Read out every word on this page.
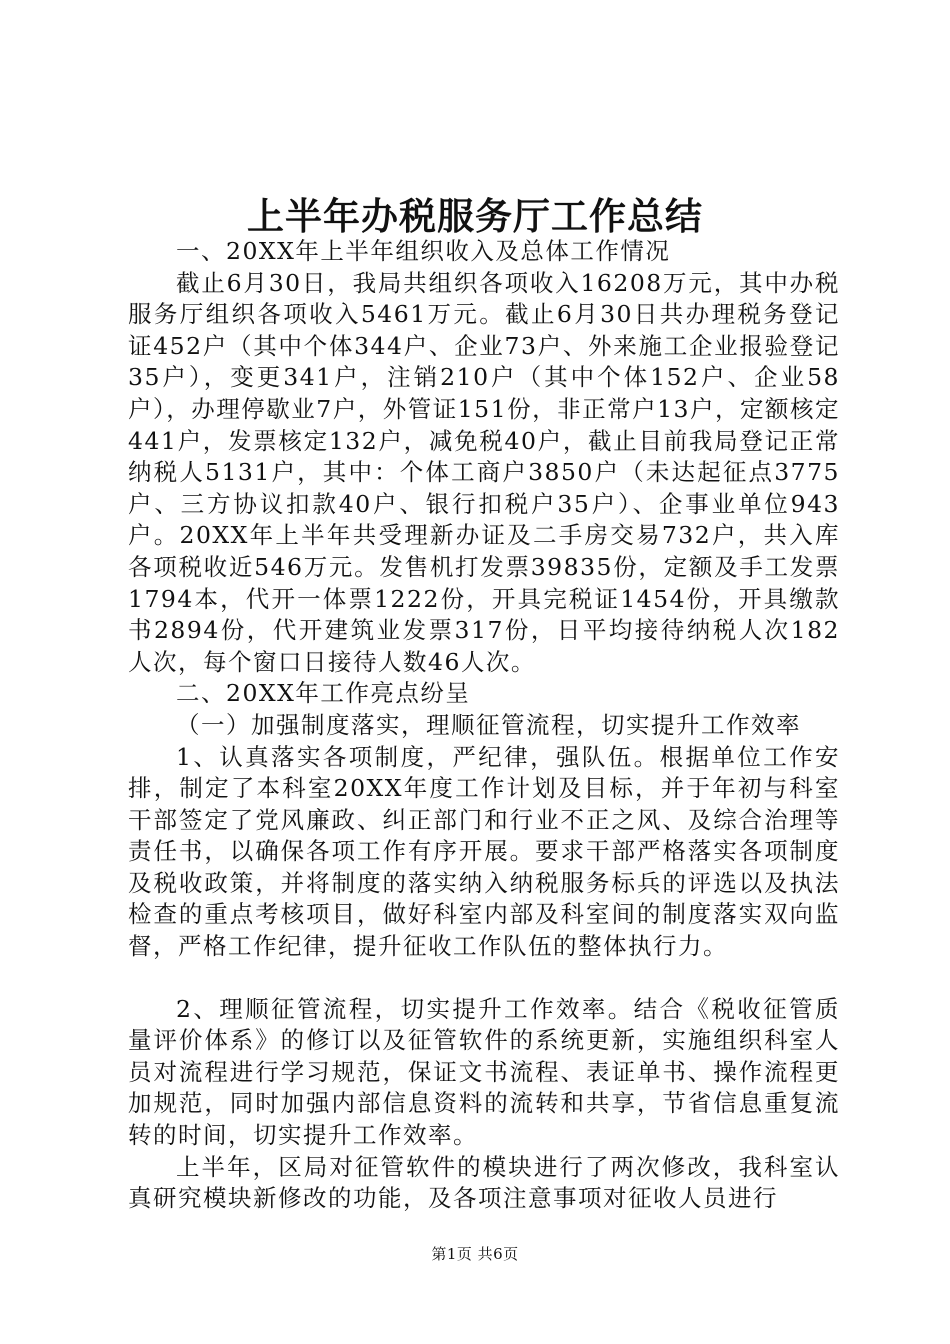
上半年办税服务厅工作总结

一、20XX年上半年组织收入及总体工作情况

截止6月30日，我局共组织各项收入16208万元，其中办税服务厅组织各项收入5461万元。截止6月30日共办理税务登记证452户（其中个体344户、企业73户、外来施工企业报验登记35户），变更341户，注销210户（其中个体152户、企业58户），办理停歇业7户，外管证151份，非正常户13户，定额核定441户，发票核定132户，减免税40户，截止目前我局登记正常纳税人5131户，其中：个体工商户3850户（未达起征点3775户、三方协议扣款40户、银行扣税户35户）、企事业单位943户。20XX年上半年共受理新办证及二手房交易732户，共入库各项税收近546万元。发售机打发票39835份，定额及手工发票1794本，代开一体票1222份，开具完税证1454份，开具缴款书2894份，代开建筑业发票317份，日平均接待纳税人次182人次，每个窗口日接待人数46人次。

二、20XX年工作亮点纷呈

（一）加强制度落实，理顺征管流程，切实提升工作效率

1、认真落实各项制度，严纪律，强队伍。根据单位工作安排，制定了本科室20XX年度工作计划及目标，并于年初与科室干部签定了党风廉政、纠正部门和行业不正之风、及综合治理等责任书，以确保各项工作有序开展。要求干部严格落实各项制度及税收政策，并将制度的落实纳入纳税服务标兵的评选以及执法检查的重点考核项目，做好科室内部及科室间的制度落实双向监督，严格工作纪律，提升征收工作队伍的整体执行力。

2、理顺征管流程，切实提升工作效率。结合《税收征管质量评价体系》的修订以及征管软件的系统更新，实施组织科室人员对流程进行学习规范，保证文书流程、表证单书、操作流程更加规范，同时加强内部信息资料的流转和共享，节省信息重复流转的时间，切实提升工作效率。

上半年，区局对征管软件的模块进行了两次修改，我科室认真研究模块新修改的功能，及各项注意事项对征收人员进行

第1页 共6页
